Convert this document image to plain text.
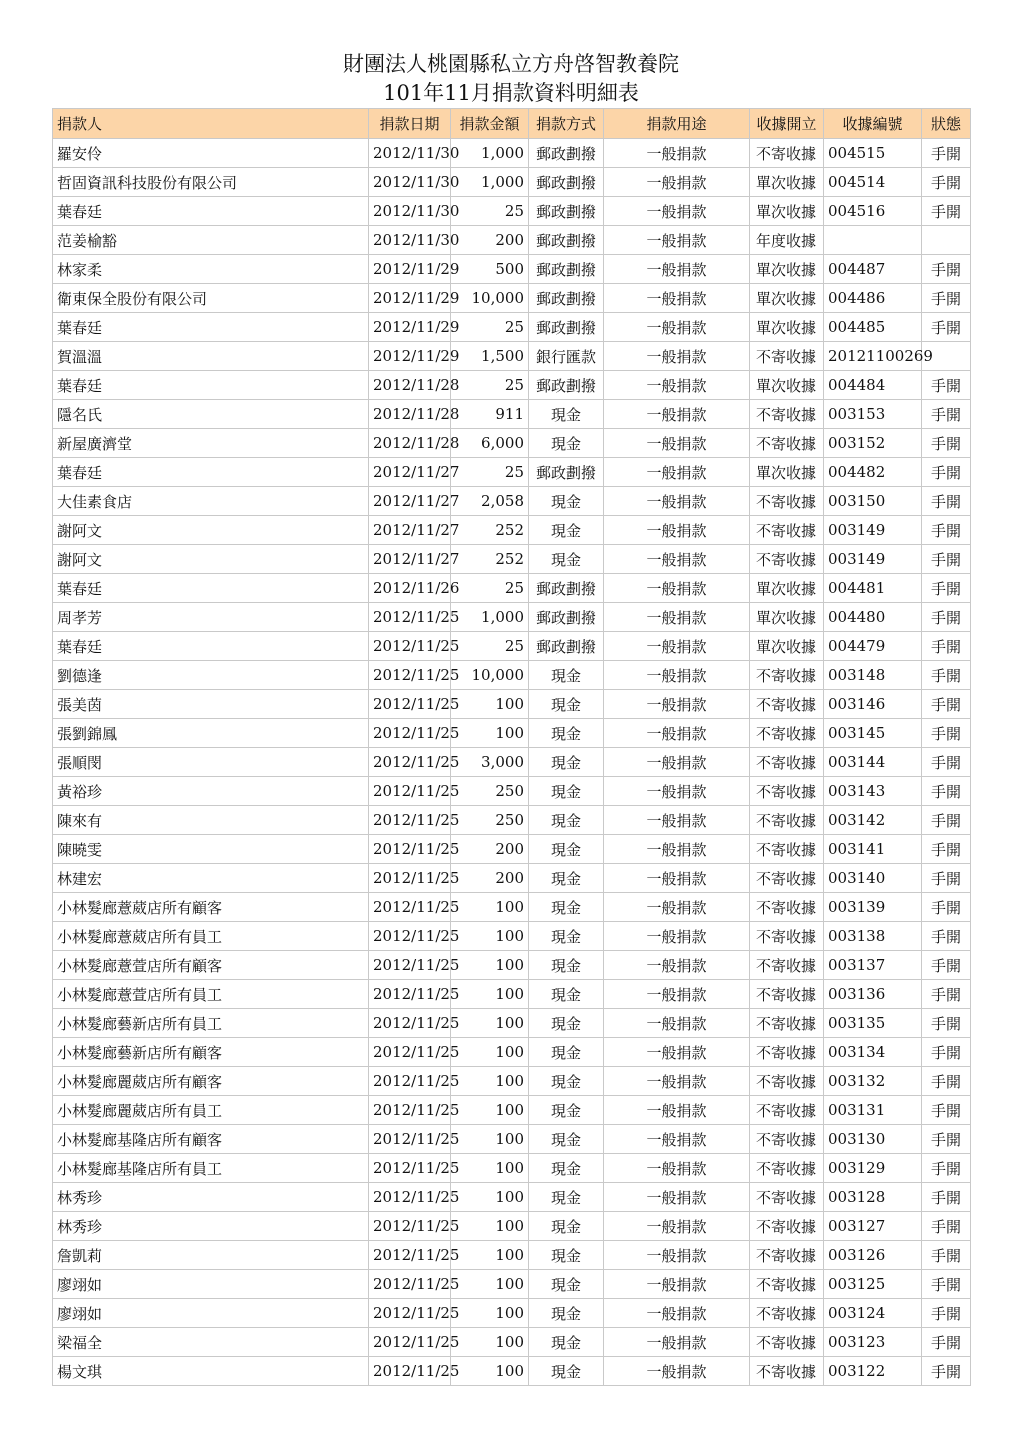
財團法人桃園縣私立方舟啓智教養院
101年11月捐款資料明細表
捐款人	捐款日期	捐款金額	捐款方式	捐款用途	收據開立	收據編號	狀態
羅安伶	2012/11/30	1,000	郵政劃撥	一般捐款	不寄收據	004515	手開
哲固資訊科技股份有限公司	2012/11/30	1,000	郵政劃撥	一般捐款	單次收據	004514	手開
葉春廷	2012/11/30	25	郵政劃撥	一般捐款	單次收據	004516	手開
范姜榆豁	2012/11/30	200	郵政劃撥	一般捐款	年度收據		
林家柔	2012/11/29	500	郵政劃撥	一般捐款	單次收據	004487	手開
衛東保全股份有限公司	2012/11/29	10,000	郵政劃撥	一般捐款	單次收據	004486	手開
葉春廷	2012/11/29	25	郵政劃撥	一般捐款	單次收據	004485	手開
賀溫溫	2012/11/29	1,500	銀行匯款	一般捐款	不寄收據	20121100269	
葉春廷	2012/11/28	25	郵政劃撥	一般捐款	單次收據	004484	手開
隱名氏	2012/11/28	911	現金	一般捐款	不寄收據	003153	手開
新屋廣濟堂	2012/11/28	6,000	現金	一般捐款	不寄收據	003152	手開
葉春廷	2012/11/27	25	郵政劃撥	一般捐款	單次收據	004482	手開
大佳素食店	2012/11/27	2,058	現金	一般捐款	不寄收據	003150	手開
謝阿文	2012/11/27	252	現金	一般捐款	不寄收據	003149	手開
謝阿文	2012/11/27	252	現金	一般捐款	不寄收據	003149	手開
葉春廷	2012/11/26	25	郵政劃撥	一般捐款	單次收據	004481	手開
周孝芳	2012/11/25	1,000	郵政劃撥	一般捐款	單次收據	004480	手開
葉春廷	2012/11/25	25	郵政劃撥	一般捐款	單次收據	004479	手開
劉德逢	2012/11/25	10,000	現金	一般捐款	不寄收據	003148	手開
張美茵	2012/11/25	100	現金	一般捐款	不寄收據	003146	手開
張劉錦鳳	2012/11/25	100	現金	一般捐款	不寄收據	003145	手開
張順閔	2012/11/25	3,000	現金	一般捐款	不寄收據	003144	手開
黃裕珍	2012/11/25	250	現金	一般捐款	不寄收據	003143	手開
陳來有	2012/11/25	250	現金	一般捐款	不寄收據	003142	手開
陳曉雯	2012/11/25	200	現金	一般捐款	不寄收據	003141	手開
林建宏	2012/11/25	200	現金	一般捐款	不寄收據	003140	手開
小林髮廊薏葳店所有顧客	2012/11/25	100	現金	一般捐款	不寄收據	003139	手開
小林髮廊薏葳店所有員工	2012/11/25	100	現金	一般捐款	不寄收據	003138	手開
小林髮廊薏萱店所有顧客	2012/11/25	100	現金	一般捐款	不寄收據	003137	手開
小林髮廊薏萱店所有員工	2012/11/25	100	現金	一般捐款	不寄收據	003136	手開
小林髮廊藝新店所有員工	2012/11/25	100	現金	一般捐款	不寄收據	003135	手開
小林髮廊藝新店所有顧客	2012/11/25	100	現金	一般捐款	不寄收據	003134	手開
小林髮廊麗葳店所有顧客	2012/11/25	100	現金	一般捐款	不寄收據	003132	手開
小林髮廊麗葳店所有員工	2012/11/25	100	現金	一般捐款	不寄收據	003131	手開
小林髮廊基隆店所有顧客	2012/11/25	100	現金	一般捐款	不寄收據	003130	手開
小林髮廊基隆店所有員工	2012/11/25	100	現金	一般捐款	不寄收據	003129	手開
林秀珍	2012/11/25	100	現金	一般捐款	不寄收據	003128	手開
林秀珍	2012/11/25	100	現金	一般捐款	不寄收據	003127	手開
詹凱莉	2012/11/25	100	現金	一般捐款	不寄收據	003126	手開
廖翊如	2012/11/25	100	現金	一般捐款	不寄收據	003125	手開
廖翊如	2012/11/25	100	現金	一般捐款	不寄收據	003124	手開
梁福全	2012/11/25	100	現金	一般捐款	不寄收據	003123	手開
楊文琪	2012/11/25	100	現金	一般捐款	不寄收據	003122	手開
